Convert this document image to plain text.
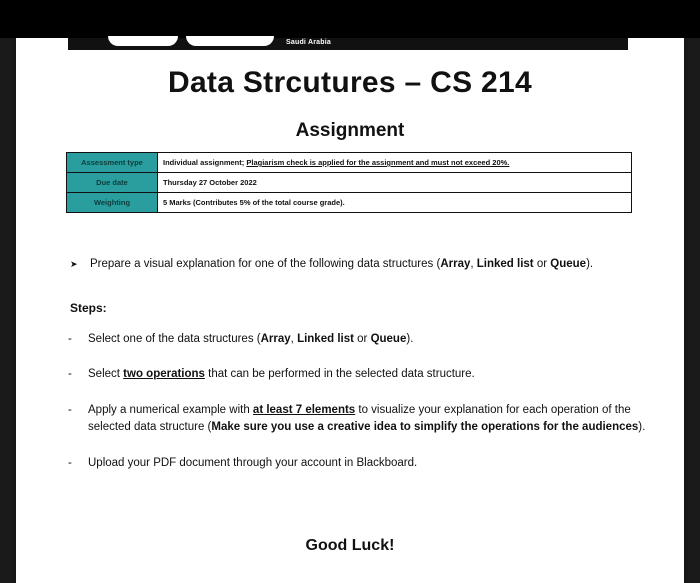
Saudi Arabia
Data Strcutures – CS 214
Assignment
Assessment type	Individual assignment; Plagiarism check is applied for the assignment and must not exceed 20%.
Due date	Thursday 27 October 2022
Weighting	5 Marks (Contributes 5% of the total course grade).
➤ Prepare a visual explanation for one of the following data structures (Array, Linked list or Queue).
Steps:
-	Select one of the data structures (Array, Linked list or Queue).
-	Select two operations that can be performed in the selected data structure.
-	Apply a numerical example with at least 7 elements to visualize your explanation for each operation of the selected data structure (Make sure you use a creative idea to simplify the operations for the audiences).
-	Upload your PDF document through your account in Blackboard.
Good Luck!
